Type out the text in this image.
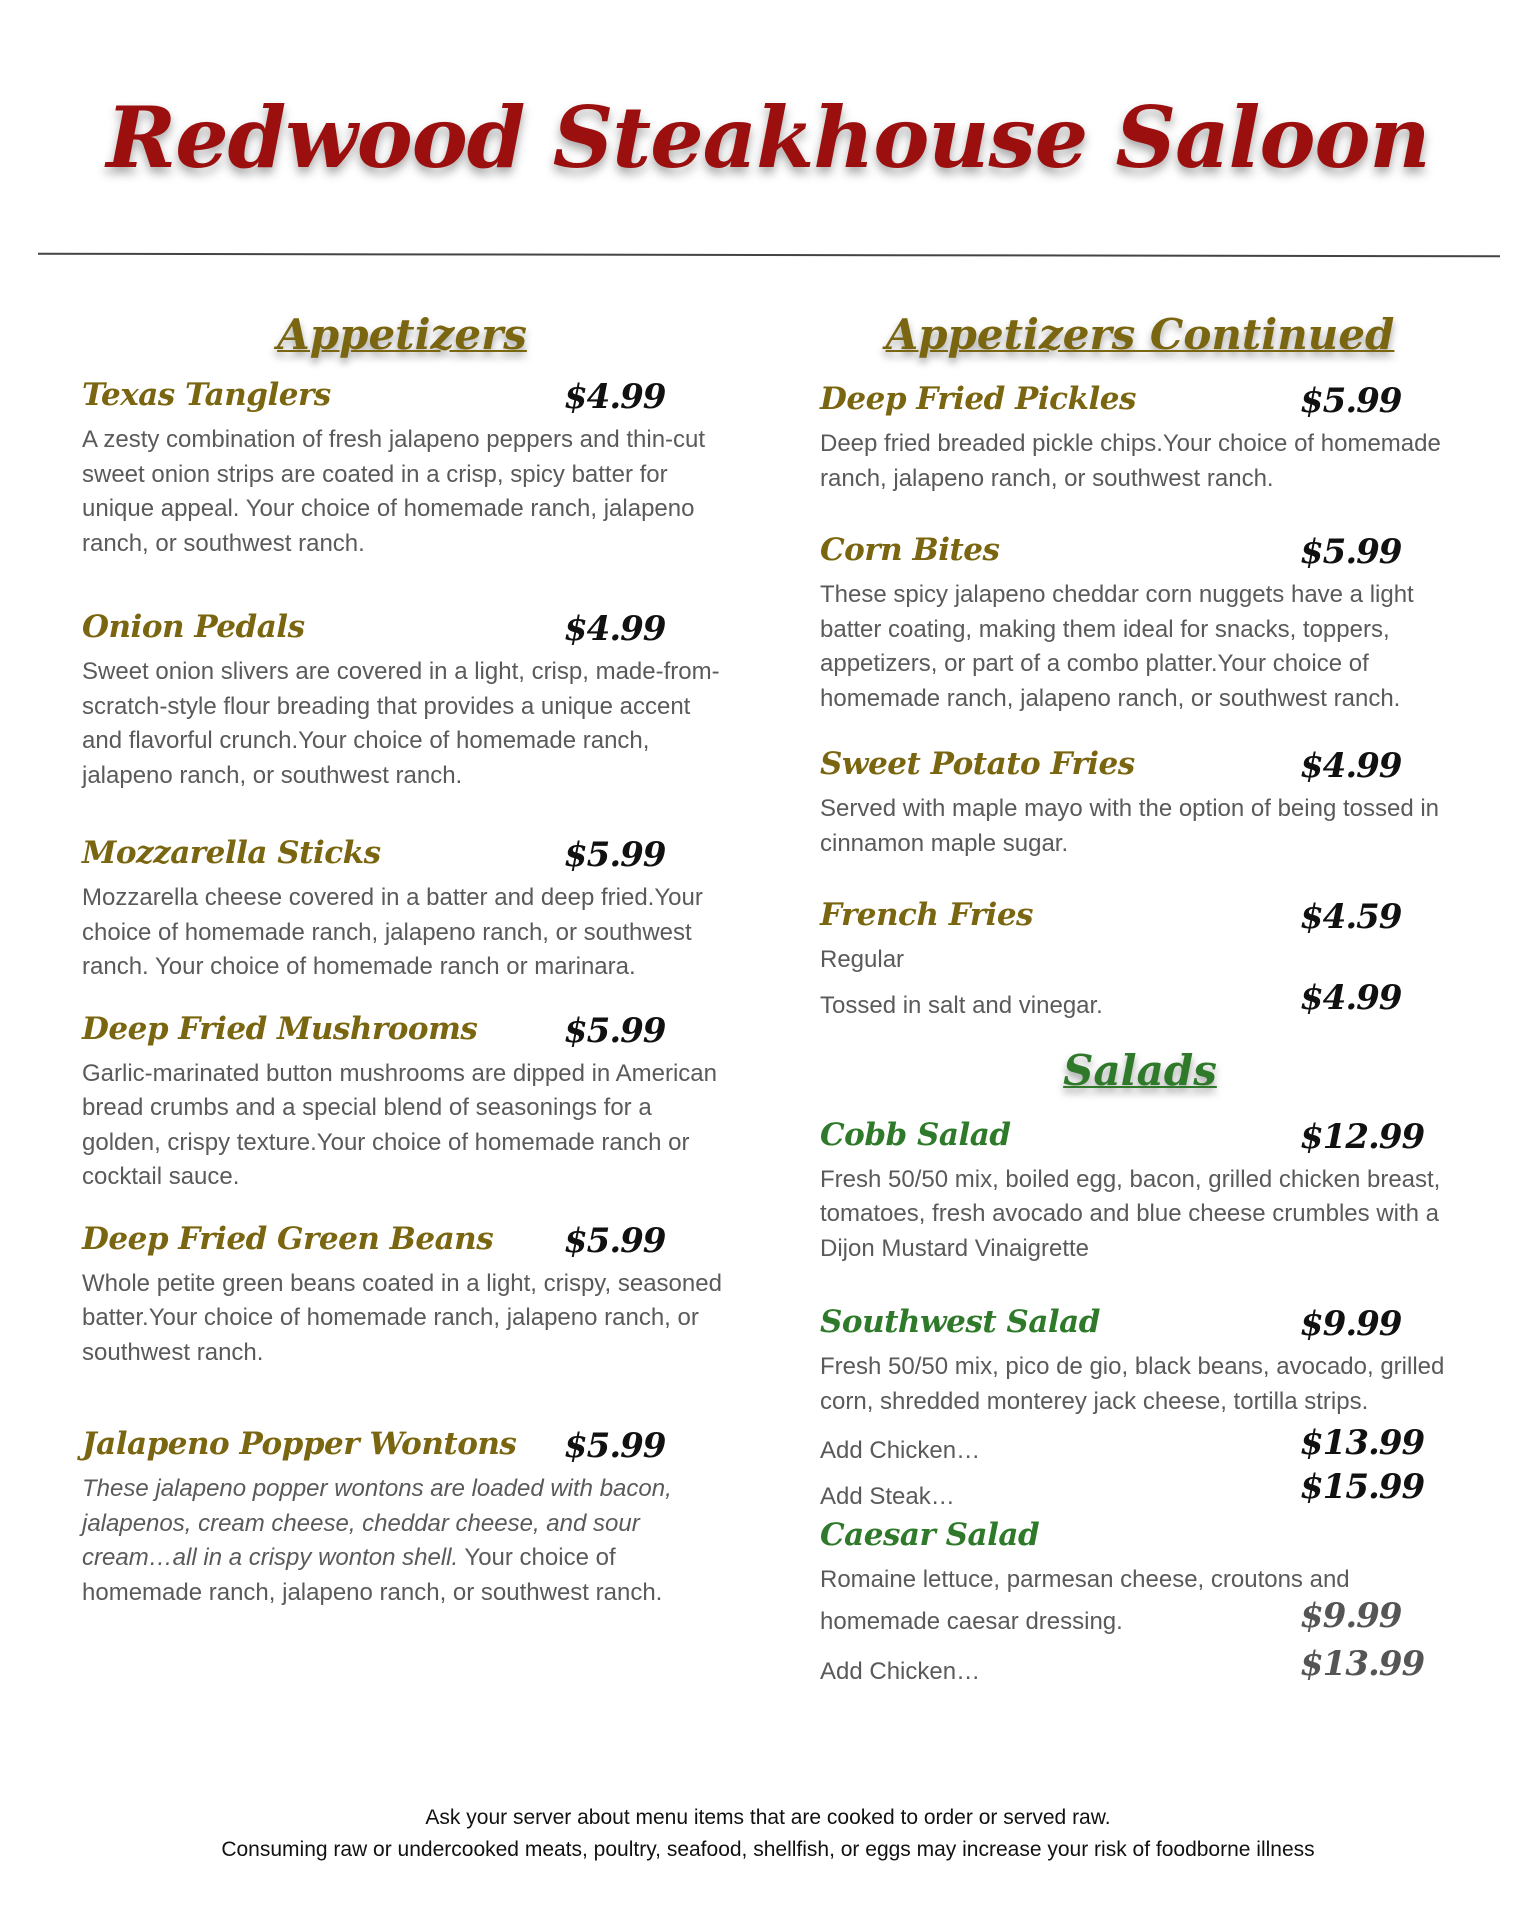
Redwood Steakhouse Saloon
Appetizers
Texas Tanglers	$4.99

A zesty combination of fresh jalapeno peppers and thin-cut sweet onion strips are coated in a crisp, spicy batter for unique appeal. Your choice of homemade ranch, jalapeno ranch, or southwest ranch.

Onion Pedals	$4.99

Sweet onion slivers are covered in a light, crisp, made-from-scratch-style flour breading that provides a unique accent and flavorful crunch.Your choice of homemade ranch, jalapeno ranch, or southwest ranch.

Mozzarella Sticks	$5.99

Mozzarella cheese covered in a batter and deep fried.Your choice of homemade ranch, jalapeno ranch, or southwest ranch. Your choice of homemade ranch or marinara.

Deep Fried Mushrooms	$5.99

Garlic-marinated button mushrooms are dipped in American bread crumbs and a special blend of seasonings for a golden, crispy texture.Your choice of homemade ranch or cocktail sauce.

Deep Fried Green Beans $5.99

Whole petite green beans coated in a light, crispy, seasoned batter.Your choice of homemade ranch, jalapeno ranch, or southwest ranch.

Jalapeno Popper Wontons $5.99

These jalapeno popper wontons are loaded with bacon, jalapenos, cream cheese, cheddar cheese, and sour cream…all in a crispy wonton shell. Your choice of homemade ranch, jalapeno ranch, or southwest ranch.

Appetizers Continued
Deep Fried Pickles	$5.99

Deep fried breaded pickle chips.Your choice of homemade ranch, jalapeno ranch, or southwest ranch.

Corn Bites	$5.99

These spicy jalapeno cheddar corn nuggets have a light batter coating, making them ideal for snacks, toppers, appetizers, or part of a combo platter.Your choice of homemade ranch, jalapeno ranch, or southwest ranch.

Sweet Potato Fries	$4.99

Served with maple mayo with the option of being tossed in cinnamon maple sugar.

French Fries	$4.59

Regular

Tossed in salt and vinegar.	$4.99
Salads
Cobb Salad	$12.99

Fresh 50/50 mix, boiled egg, bacon, grilled chicken breast, tomatoes, fresh avocado and blue cheese crumbles with a Dijon Mustard Vinaigrette

Southwest Salad	$9.99

Fresh 50/50 mix, pico de gio, black beans, avocado, grilled corn, shredded monterey jack cheese, tortilla strips.

Add Chicken…	$13.99
Add Steak…	$15.99
Caesar Salad

Romaine lettuce, parmesan cheese, croutons and

homemade caesar dressing.	$9.99
Add Chicken…	$13.99
Ask your server about menu items that are cooked to order or served raw.
Consuming raw or undercooked meats, poultry, seafood, shellfish, or eggs may increase your risk of foodborne illness
